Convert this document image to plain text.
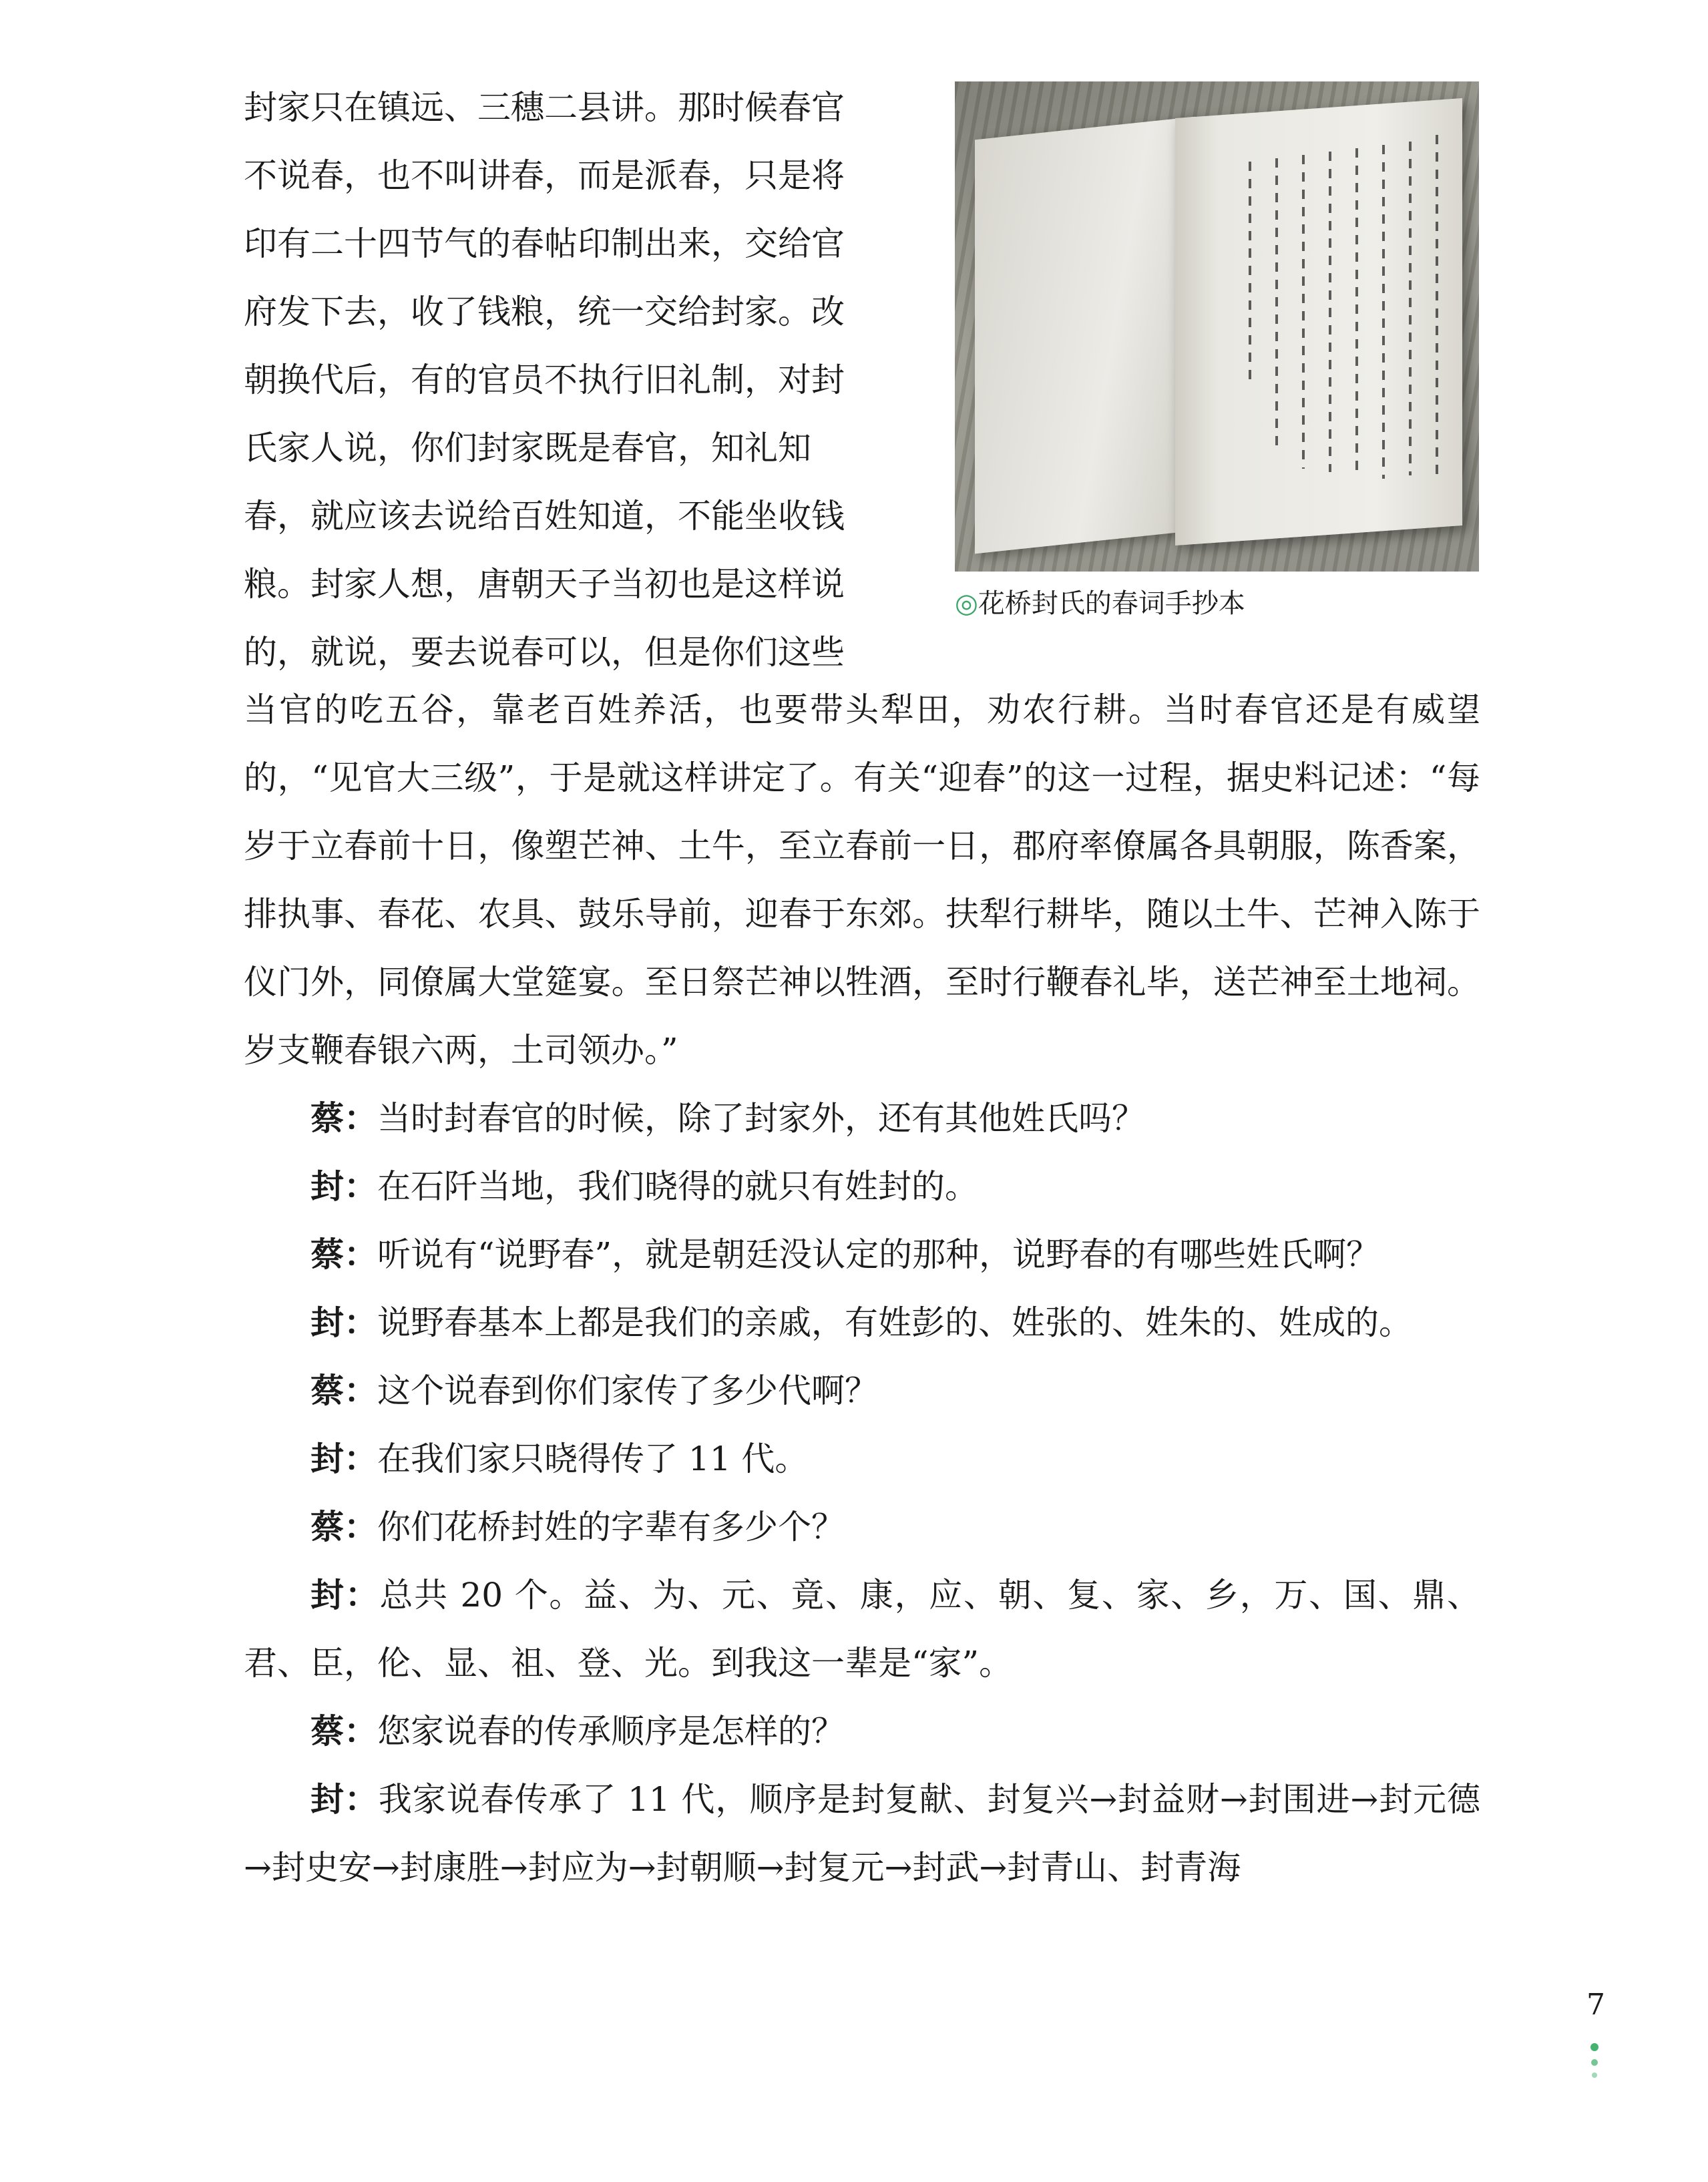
封家只在镇远、三穗二县讲。那时候春官

不说春，也不叫讲春，而是派春，只是将

印有二十四节气的春帖印制出来，交给官

府发下去，收了钱粮，统一交给封家。改

朝换代后，有的官员不执行旧礼制，对封

氏家人说，你们封家既是春官，知礼知

春，就应该去说给百姓知道，不能坐收钱

粮。封家人想，唐朝天子当初也是这样说

的，就说，要去说春可以，但是你们这些

◎花桥封氏的春词手抄本

当官的吃五谷，靠老百姓养活，也要带头犁田，劝农行耕。当时春官还是有威望的，“见官大三级”，于是就这样讲定了。有关“迎春”的这一过程，据史料记述：“每岁于立春前十日，像塑芒神、土牛，至立春前一日，郡府率僚属各具朝服，陈香案，排执事、春花、农具、鼓乐导前，迎春于东郊。扶犁行耕毕，随以土牛、芒神入陈于仪门外，同僚属大堂筵宴。至日祭芒神以牲酒，至时行鞭春礼毕，送芒神至土地祠。岁支鞭春银六两，土司领办。”

蔡：当时封春官的时候，除了封家外，还有其他姓氏吗？

封：在石阡当地，我们晓得的就只有姓封的。

蔡：听说有“说野春”，就是朝廷没认定的那种，说野春的有哪些姓氏啊？

封：说野春基本上都是我们的亲戚，有姓彭的、姓张的、姓朱的、姓成的。

蔡：这个说春到你们家传了多少代啊？

封：在我们家只晓得传了 11 代。

蔡：你们花桥封姓的字辈有多少个？

封：总共 20 个。益、为、元、竟、康，应、朝、复、家、乡，万、国、鼎、君、臣，伦、显、祖、登、光。到我这一辈是“家”。

蔡：您家说春的传承顺序是怎样的？

封：我家说春传承了 11 代，顺序是封复献、封复兴→封益财→封围进→封元德→封史安→封康胜→封应为→封朝顺→封复元→封武→封青山、封青海

7
